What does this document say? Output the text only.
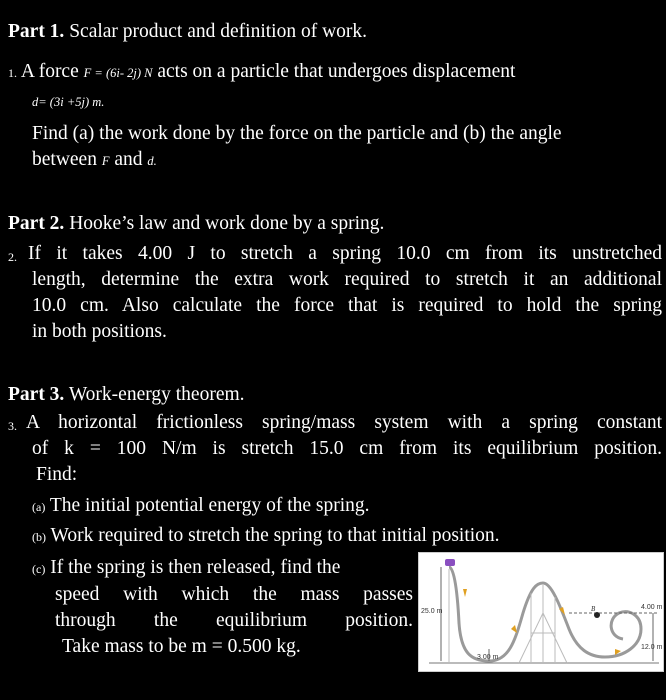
Part 1. Scalar product and definition of work.
1. A force F = (6i- 2j) N acts on a particle that undergoes displacement
d= (3i +5j) m.
Find (a) the work done by the force on the particle and (b) the angle
between F and d.
Part 2. Hooke’s law and work done by a spring.
2. If it takes 4.00 J to stretch a spring 10.0 cm from its unstretched
length, determine the extra work required to stretch it an additional
10.0 cm. Also calculate the force that is required to hold the spring
in both positions.
Part 3. Work-energy theorem.
3. A horizontal frictionless spring/mass system with a spring constant
of k = 100 N/m is stretch 15.0 cm from its equilibrium position.
Find:
(a) The initial potential energy of the spring.
(b) Work required to stretch the spring to that initial position.
(c) If the spring is then released, find the
speed with which the mass passes
through the equilibrium position.
Take mass to be m = 0.500 kg.
25.0 m
4.00 m
12.0 m
3.00 m
B
